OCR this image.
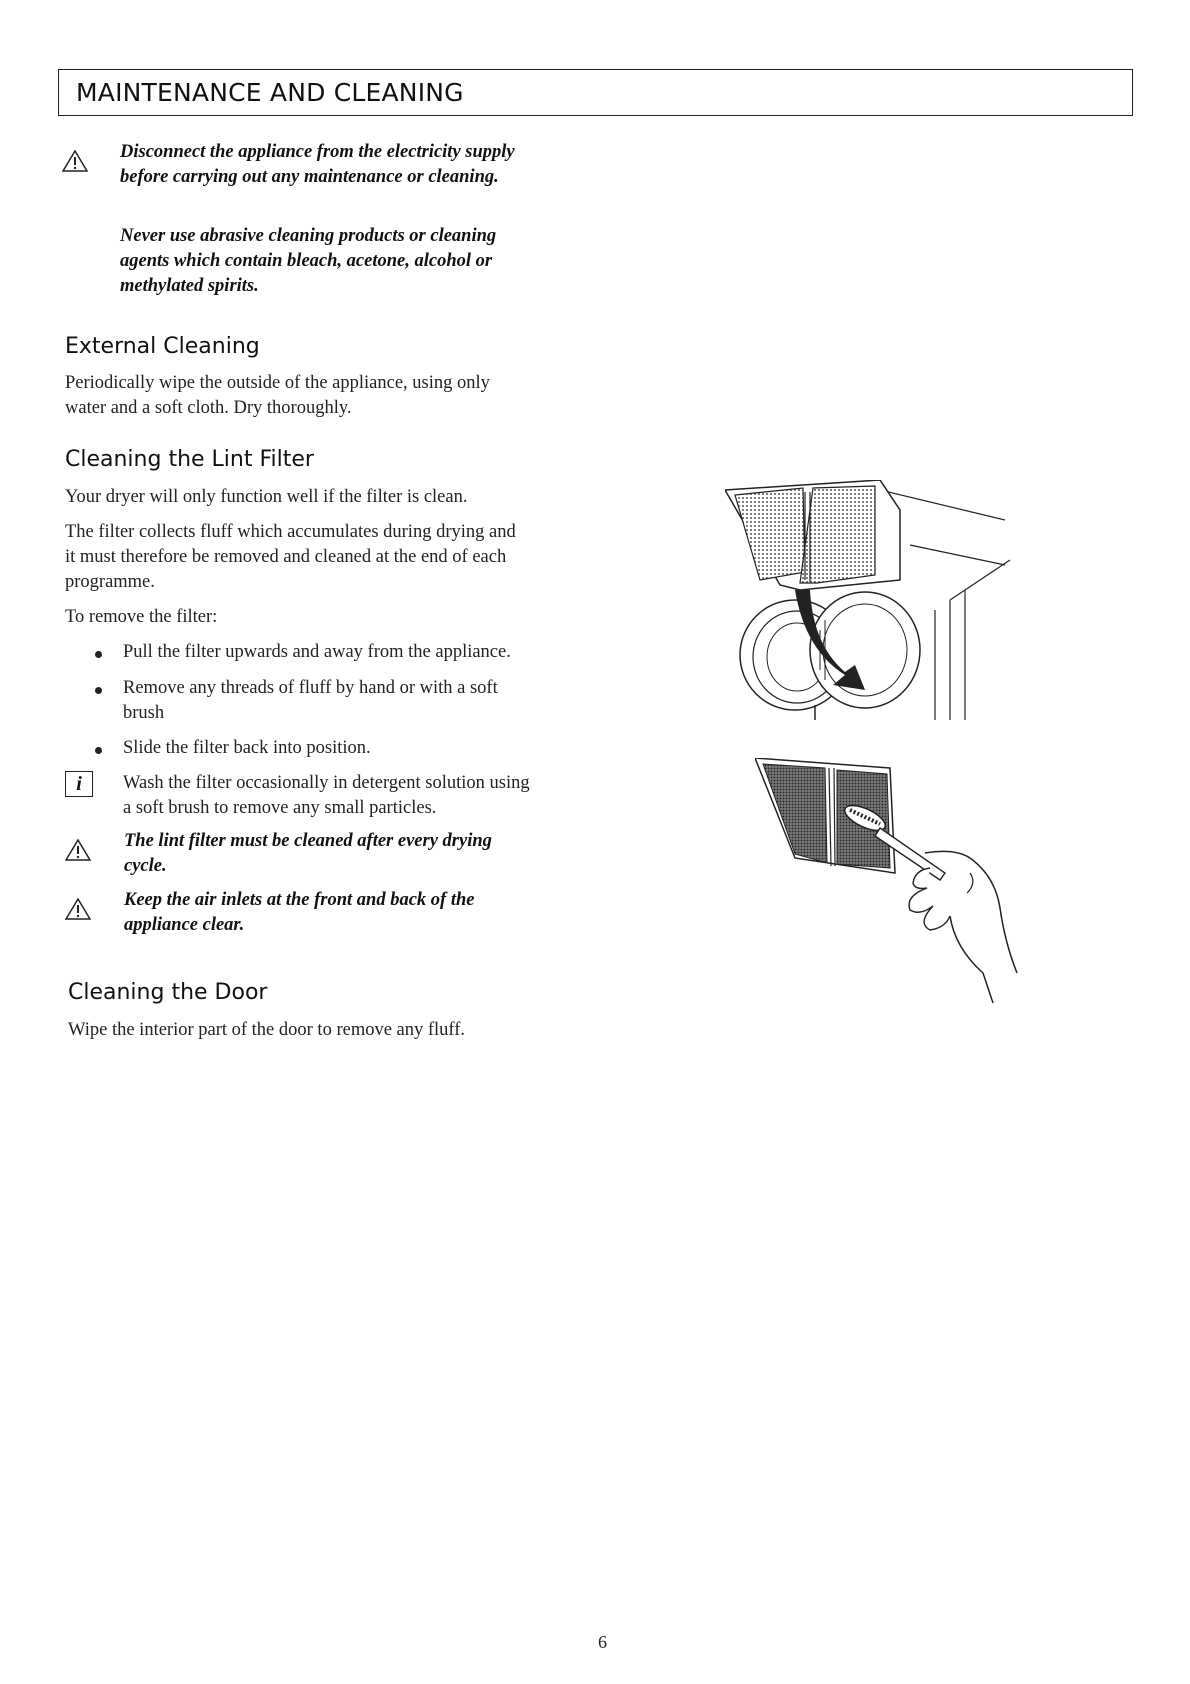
MAINTENANCE AND CLEANING
Disconnect the appliance from the electricity supply
before carrying out any maintenance or cleaning.
Never use abrasive cleaning products or cleaning
agents which contain bleach, acetone, alcohol or
methylated spirits.
External Cleaning
Periodically wipe the outside of the appliance, using only
water and a soft cloth. Dry thoroughly.
Cleaning the Lint Filter
Your dryer will only function well if the filter is clean.
The filter collects fluff which accumulates during drying and
it must therefore be removed and cleaned at the end of each
programme.
To remove the filter:
Pull the filter upwards and away from the appliance.
Remove any threads of fluff by hand or with a soft
brush
Slide the filter back into position.
i	Wash the filter occasionally in detergent solution using
a soft brush to remove any small particles.
The lint filter must be cleaned after every drying
cycle.
Keep the air inlets at the front and back of the
appliance clear.
Cleaning the Door
Wipe the interior part of the door to remove any fluff.
6
